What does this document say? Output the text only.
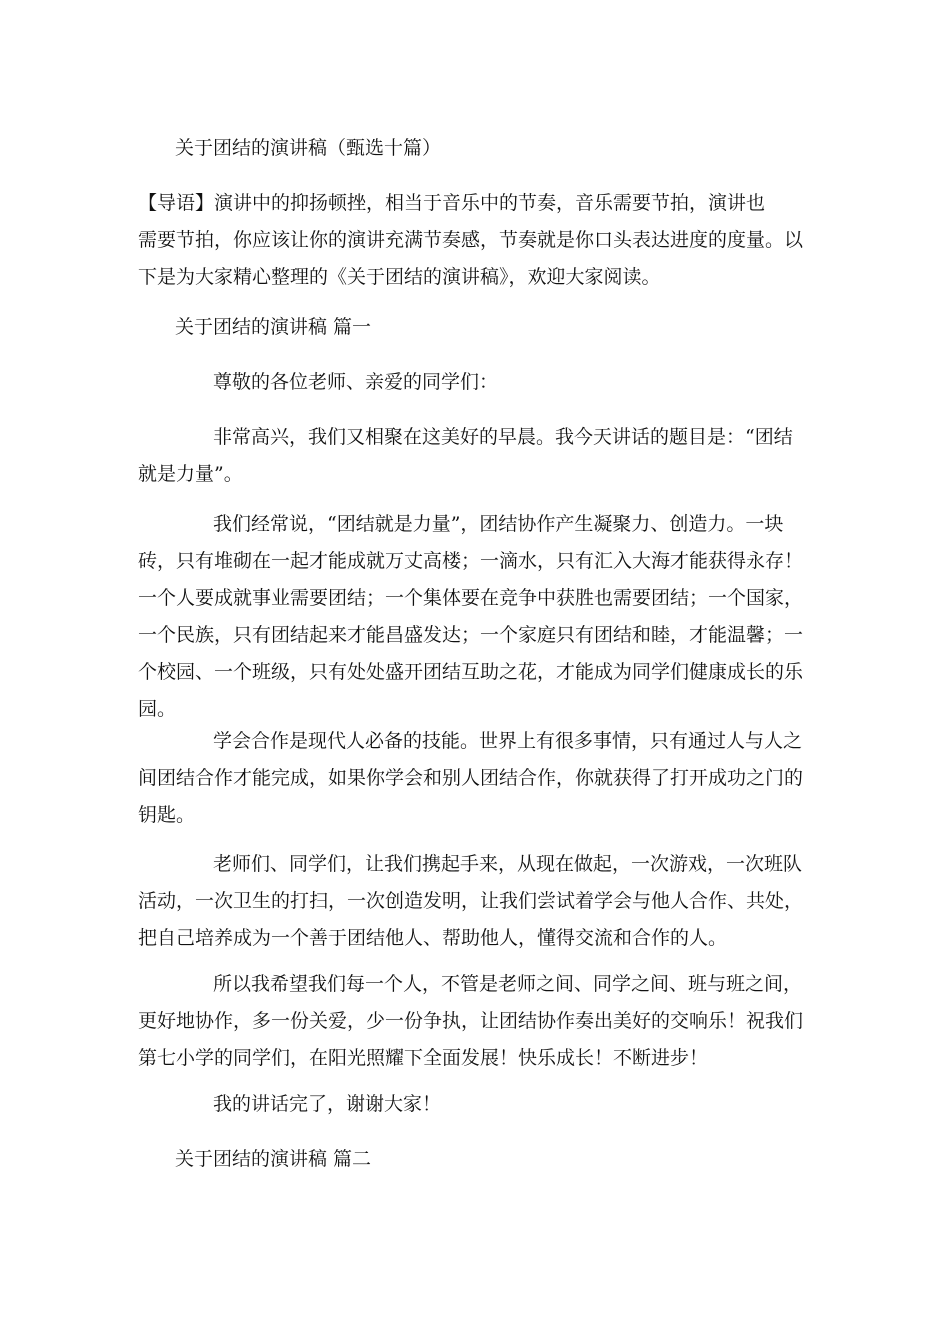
关于团结的演讲稿（甄选十篇）

【导语】演讲中的抑扬顿挫，相当于音乐中的节奏，音乐需要节拍，演讲也
需要节拍，你应该让你的演讲充满节奏感，节奏就是你口头表达进度的度量。以
下是为大家精心整理的《关于团结的演讲稿》，欢迎大家阅读。

关于团结的演讲稿 篇一

尊敬的各位老师、亲爱的同学们：

非常高兴，我们又相聚在这美好的早晨。我今天讲话的题目是：“团结
就是力量”。
我们经常说，“团结就是力量”，团结协作产生凝聚力、创造力。一块
砖，只有堆砌在一起才能成就万丈高楼；一滴水，只有汇入大海才能获得永存！
一个人要成就事业需要团结；一个集体要在竞争中获胜也需要团结；一个国家，
一个民族，只有团结起来才能昌盛发达；一个家庭只有团结和睦，才能温馨；一
个校园、一个班级，只有处处盛开团结互助之花，才能成为同学们健康成长的乐
园。
学会合作是现代人必备的技能。世界上有很多事情，只有通过人与人之
间团结合作才能完成，如果你学会和别人团结合作，你就获得了打开成功之门的
钥匙。
老师们、同学们，让我们携起手来，从现在做起，一次游戏，一次班队
活动，一次卫生的打扫，一次创造发明，让我们尝试着学会与他人合作、共处，
把自己培养成为一个善于团结他人、帮助他人，懂得交流和合作的人。
所以我希望我们每一个人，不管是老师之间、同学之间、班与班之间，
更好地协作，多一份关爱，少一份争执，让团结协作奏出美好的交响乐！祝我们
第七小学的同学们，在阳光照耀下全面发展！快乐成长！不断进步！

我的讲话完了，谢谢大家！

关于团结的演讲稿 篇二
